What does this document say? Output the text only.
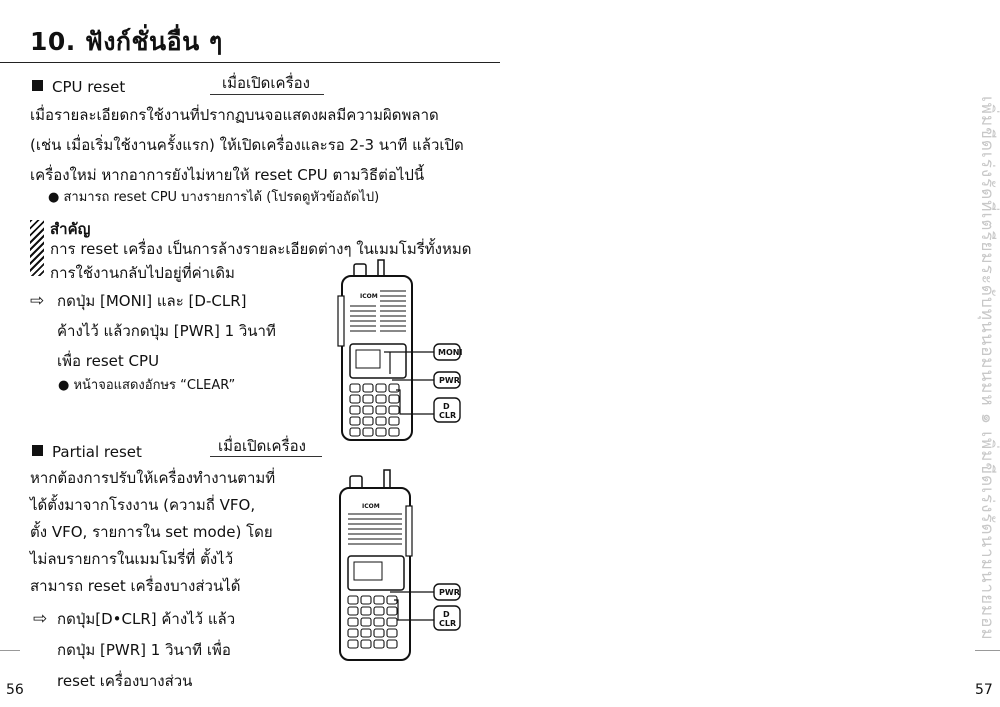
10. ฟังก์ชั่นอื่น ๆ
CPU reset	เมื่อเปิดเครื่อง
เมื่อรายละเอียดกรใช้งานที่ปรากฏบนจอแสดงผลมีความผิดพลาด
(เช่น เมื่อเริ่มใช้งานครั้งแรก) ให้เปิดเครื่องและรอ 2-3 นาที แล้วเปิด
เครื่องใหม่ หากอาการยังไม่หายให้ reset CPU ตามวิธีต่อไปนี้
● สามารถ reset CPU บางรายการได้ (โปรดดูหัวข้อถัดไป)
สำคัญ
การ reset เครื่อง เป็นการล้างรายละเอียดต่างๆ ในเมมโมรี่ทั้งหมด
การใช้งานกลับไปอยู่ที่ค่าเดิม
⇨ กดปุ่ม [MONI] และ [D-CLR]
ค้างไว้ แล้วกดปุ่ม [PWR] 1 วินาที
เพื่อ reset CPU
● หน้าจอแสดงอักษร “CLEAR”
ICOM
MONI
PWR
D
CLR
Partial reset	เมื่อเปิดเครื่อง
หากต้องการปรับให้เครื่องทำงานตามที่
ได้ตั้งมาจากโรงงาน (ความถี่ VFO,
ตั้ง VFO, รายการใน set mode) โดย
ไม่ลบรายการในเมมโมรี่ที่ ตั้งไว้
สามารถ reset เครื่องบางส่วนได้
⇨ กดปุ่ม[D•CLR] ค้างไว้ แล้ว
กดปุ่ม [PWR] 1 วินาที เพื่อ
reset เครื่องบางส่วน
ICOM
PWR
D
CLR	เพิ่มขีดเร่งรัดที่เตรียมระดับทุนนอมนมห ๑ เพิ่มขีดเร่งรัดนามนายมอม
56	57
